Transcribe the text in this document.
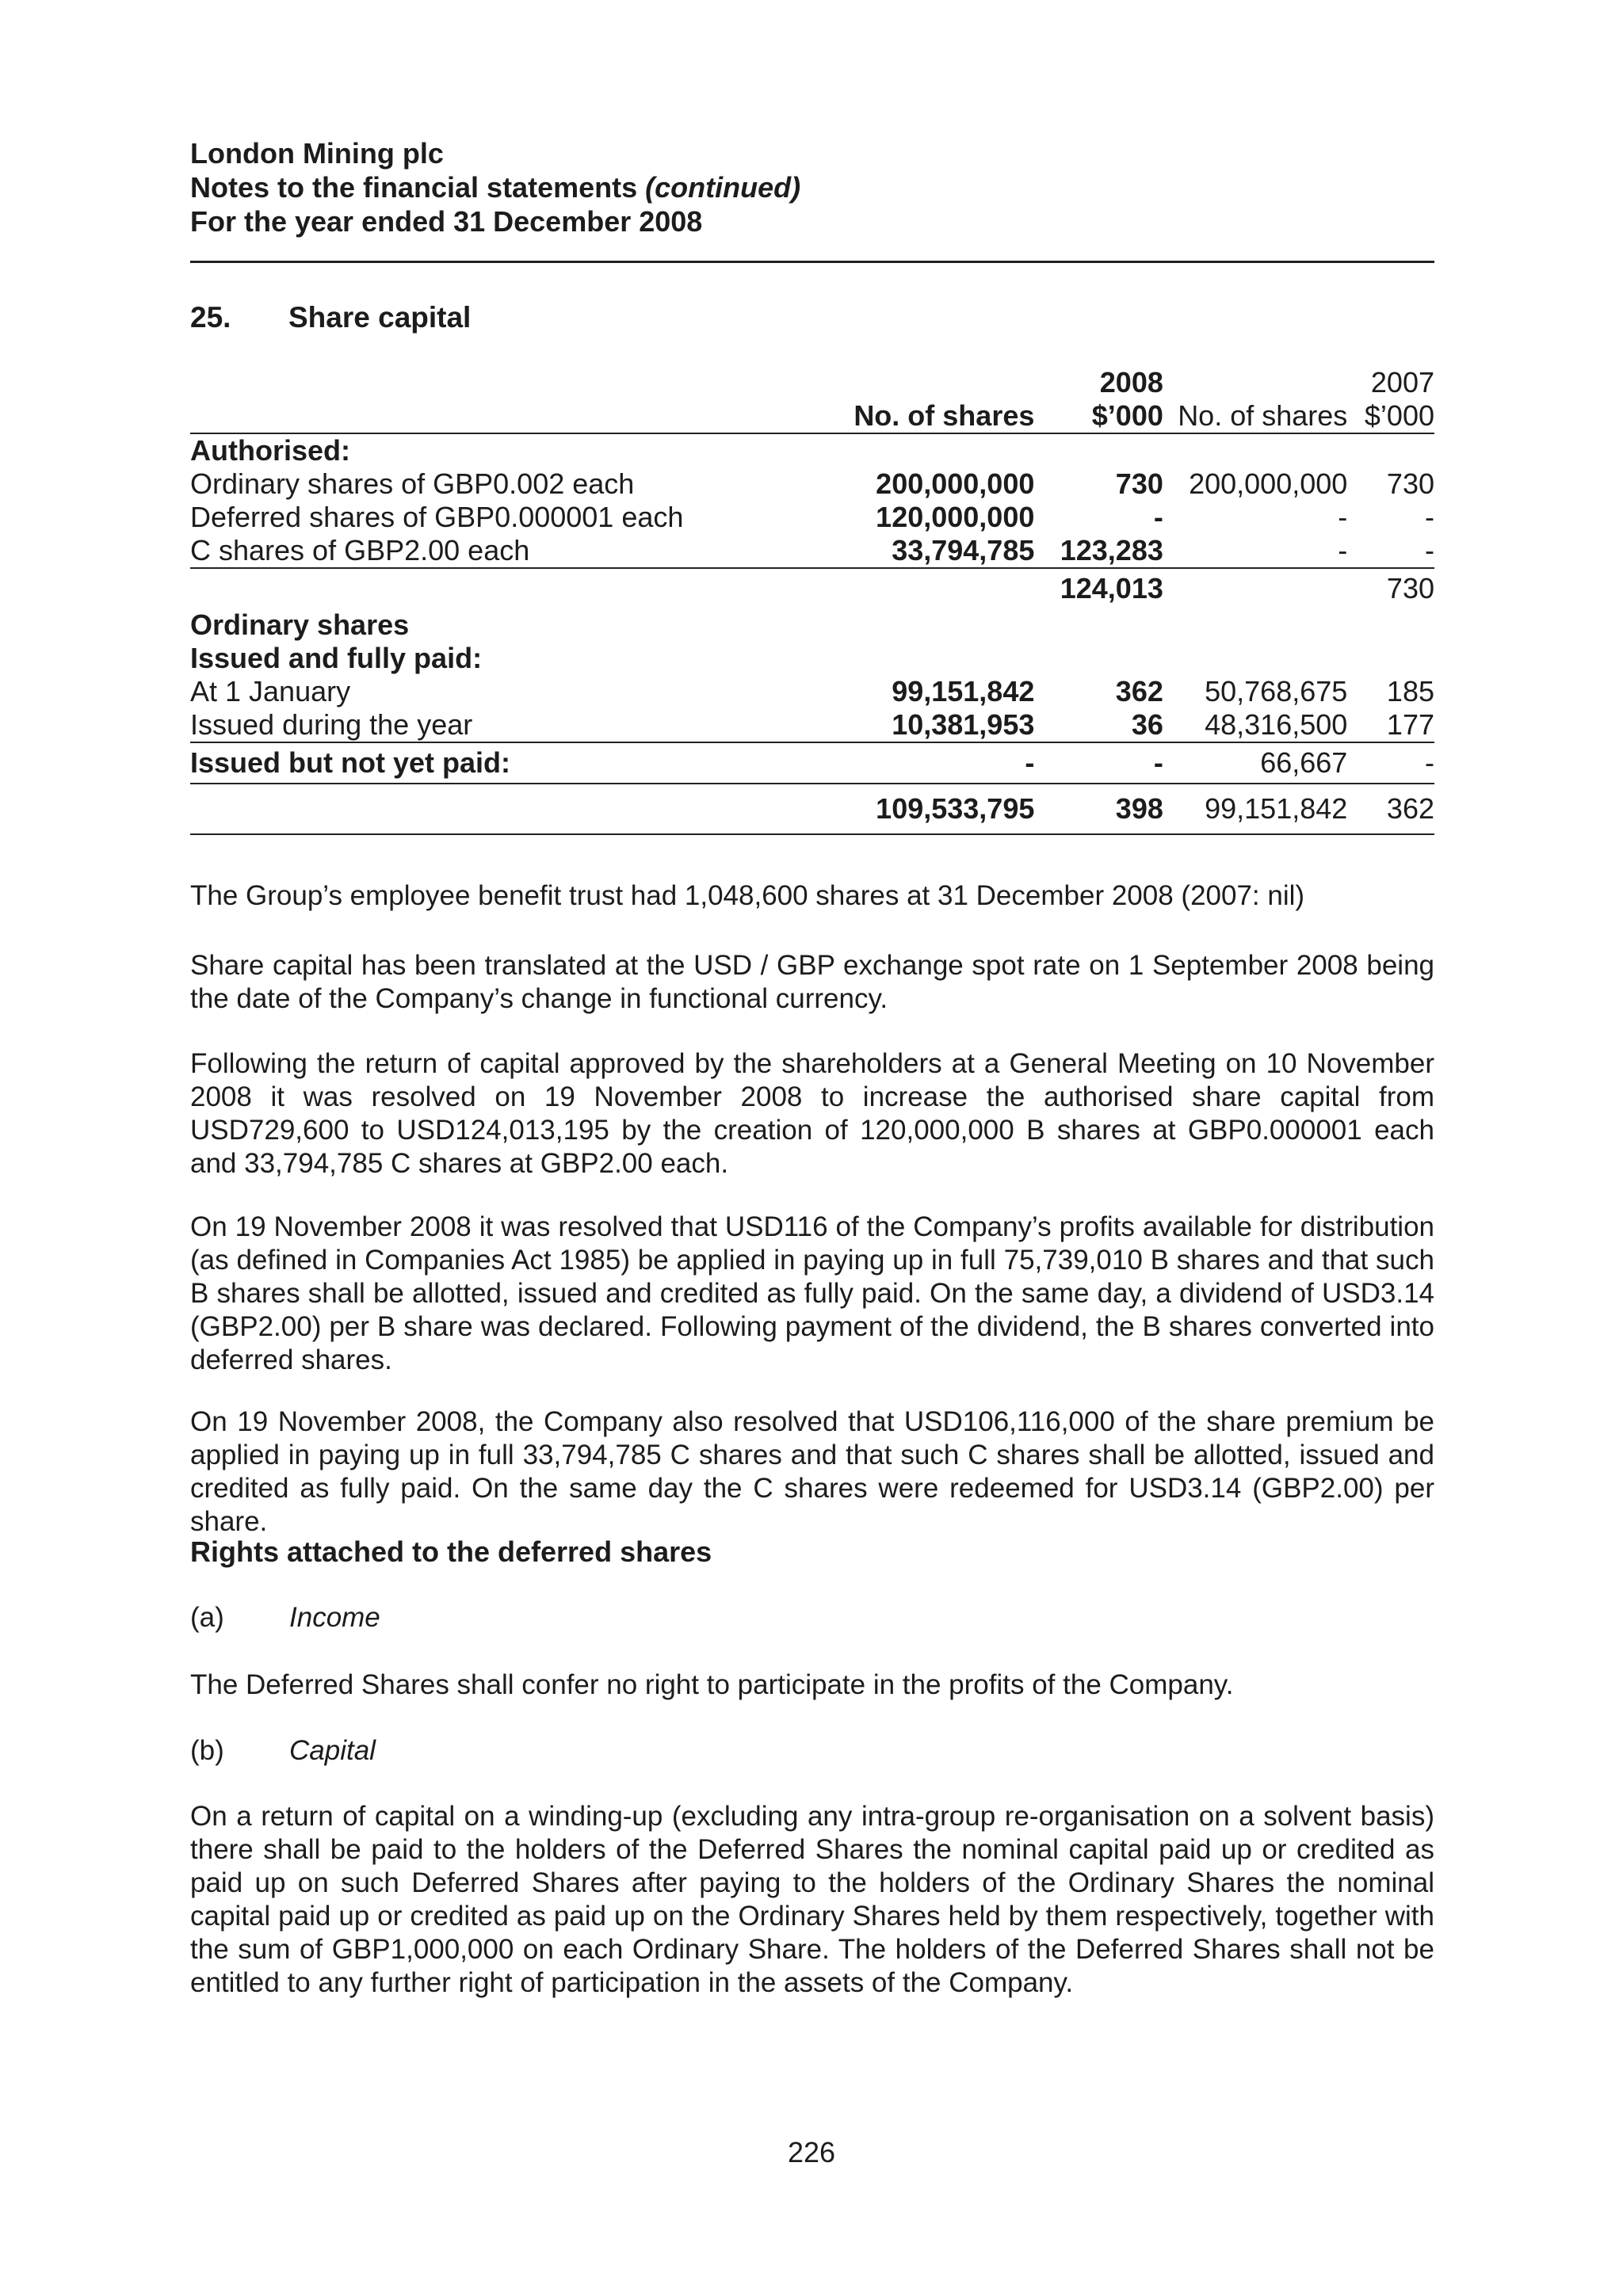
London Mining plc
Notes to the financial statements (continued)
For the year ended 31 December 2008
25. Share capital
		2008		2007
	No. of shares	$’000	No. of shares	$’000
Authorised:				
Ordinary shares of GBP0.002 each	200,000,000	730	200,000,000	730
Deferred shares of GBP0.000001 each	120,000,000	-	-	-
C shares of GBP2.00 each	33,794,785	123,283	-	-
		124,013		730
Ordinary shares				
Issued and fully paid:				
At 1 January	99,151,842	362	50,768,675	185
Issued during the year	10,381,953	36	48,316,500	177
Issued but not yet paid:	-	-	66,667	-
	109,533,795	398	99,151,842	362
The Group’s employee benefit trust had 1,048,600 shares at 31 December 2008 (2007: nil)
Share capital has been translated at the USD / GBP exchange spot rate on 1 September 2008 being the date of the Company’s change in functional currency.
Following the return of capital approved by the shareholders at a General Meeting on 10 November 2008 it was resolved on 19 November 2008 to increase the authorised share capital from USD729,600 to USD124,013,195 by the creation of 120,000,000 B shares at GBP0.000001 each and 33,794,785 C shares at GBP2.00 each.
On 19 November 2008 it was resolved that USD116 of the Company’s profits available for distribution (as defined in Companies Act 1985) be applied in paying up in full 75,739,010 B shares and that such B shares shall be allotted, issued and credited as fully paid. On the same day, a dividend of USD3.14 (GBP2.00) per B share was declared. Following payment of the dividend, the B shares converted into deferred shares.
On 19 November 2008, the Company also resolved that USD106,116,000 of the share premium be applied in paying up in full 33,794,785 C shares and that such C shares shall be allotted, issued and credited as fully paid. On the same day the C shares were redeemed for USD3.14 (GBP2.00) per share.
Rights attached to the deferred shares
(a) Income
The Deferred Shares shall confer no right to participate in the profits of the Company.
(b) Capital
On a return of capital on a winding-up (excluding any intra-group re-organisation on a solvent basis) there shall be paid to the holders of the Deferred Shares the nominal capital paid up or credited as paid up on such Deferred Shares after paying to the holders of the Ordinary Shares the nominal capital paid up or credited as paid up on the Ordinary Shares held by them respectively, together with the sum of GBP1,000,000 on each Ordinary Share. The holders of the Deferred Shares shall not be entitled to any further right of participation in the assets of the Company.
226
